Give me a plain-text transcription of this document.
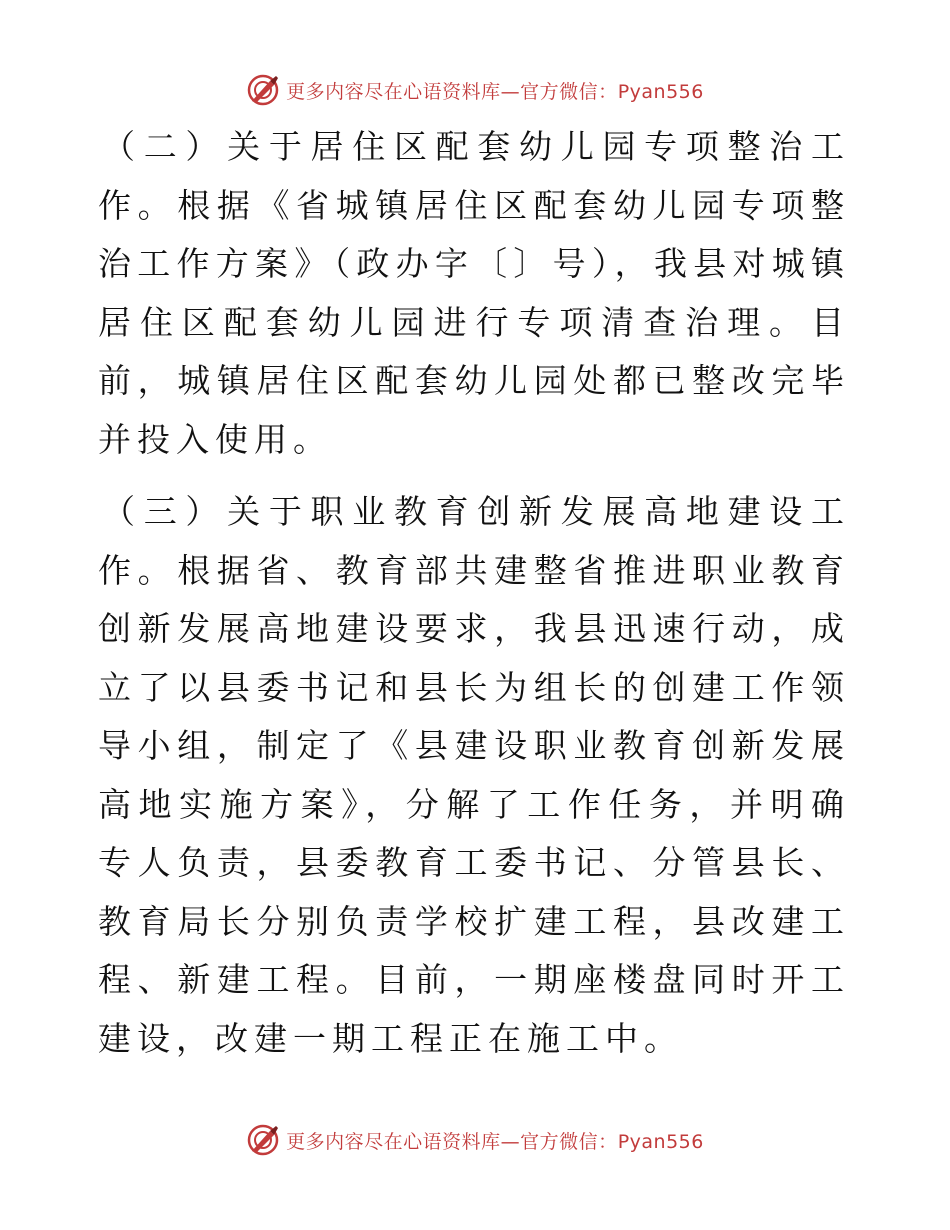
更多内容尽在心语资料库—官方微信：Pyan556

（二）关于居住区配套幼儿园专项整治工作。根据《省城镇居住区配套幼儿园专项整治工作方案》（政办字〔〕号），我县对城镇居住区配套幼儿园进行专项清查治理。目前，城镇居住区配套幼儿园处都已整改完毕并投入使用。

（三）关于职业教育创新发展高地建设工作。根据省、教育部共建整省推进职业教育创新发展高地建设要求，我县迅速行动，成立了以县委书记和县长为组长的创建工作领导小组，制定了《县建设职业教育创新发展高地实施方案》，分解了工作任务，并明确专人负责，县委教育工委书记、分管县长、教育局长分别负责学校扩建工程，县改建工程、新建工程。目前，一期座楼盘同时开工建设，改建一期工程正在施工中。

更多内容尽在心语资料库—官方微信：Pyan556
